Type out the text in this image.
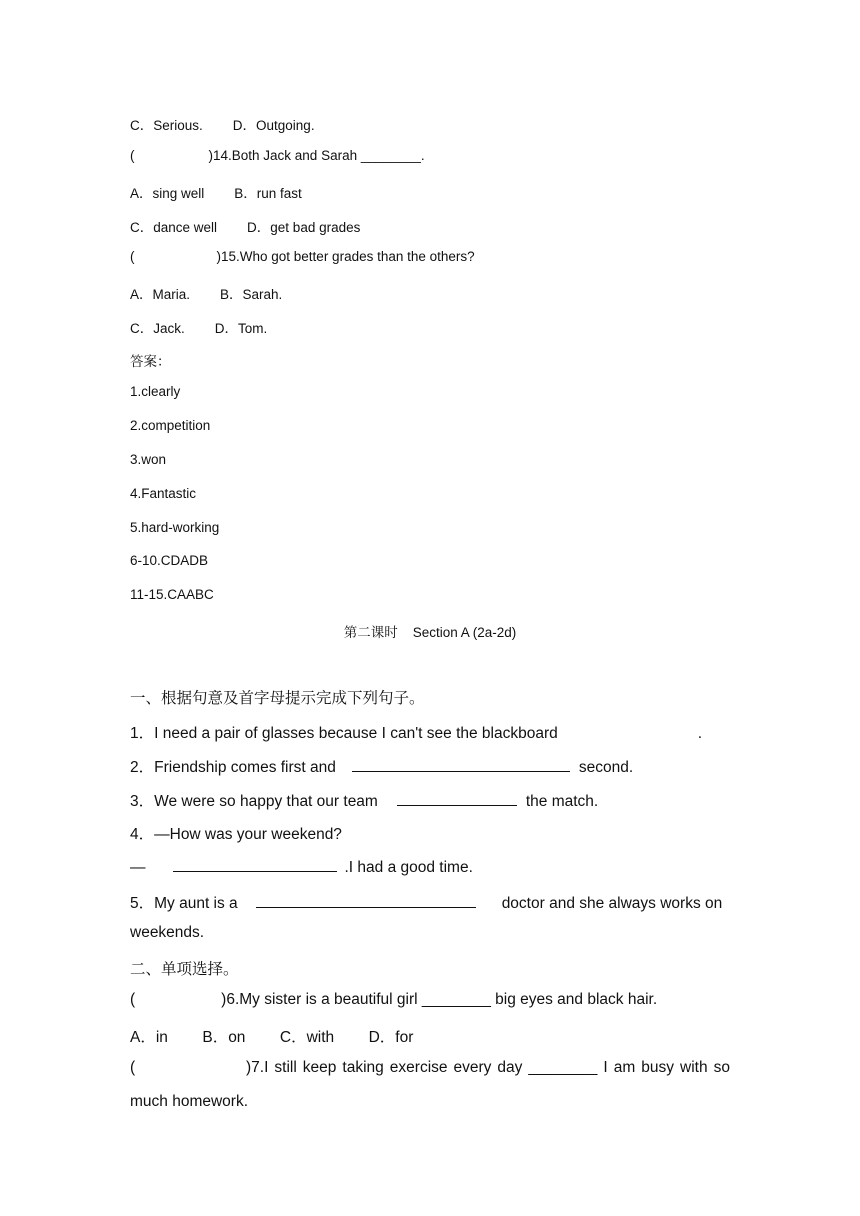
C．Serious.        D．Outgoing.
(	)14.Both Jack and Sarah ________.
A．sing well        B．run fast
C．dance well        D．get bad grades
(	)15.Who got better grades than the others?
A．Maria.        B．Sarah.
C．Jack.        D．Tom.
答案：
1.clearly
2.competition
3.won
4.Fantastic
5.hard-working
6-10.CDADB
11-15.CAABC
第二课时    Section A (2a-2d)
一、根据句意及首字母提示完成下列句子。
1．I need a pair of glasses because I can't see the blackboard	.
2．Friendship comes first and	second.
3．We were so happy that our team	the match.
4．—How was your weekend?
—	.I had a good time.
5．My aunt is a	doctor and she always works on
weekends.
二、单项选择。
(	)6.My sister is a beautiful girl ________ big eyes and black hair.
A．in        B．on        C．with        D．for
(	)7.I still keep taking exercise every day ________ I am busy with so
much homework.
